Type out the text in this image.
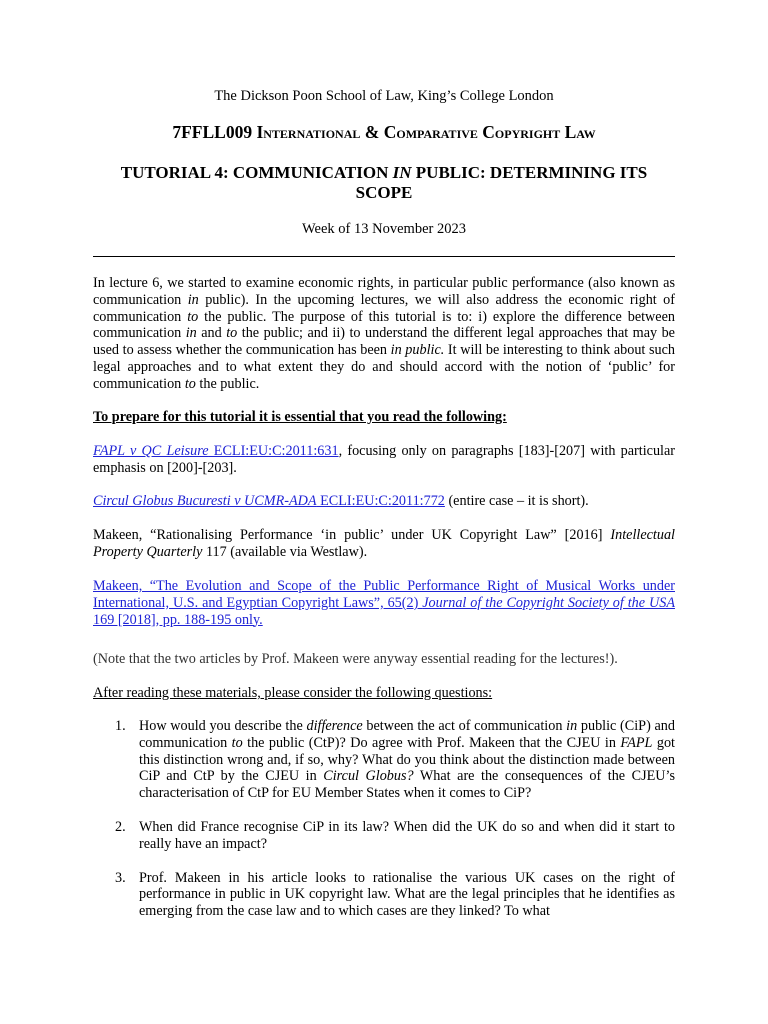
The Dickson Poon School of Law, King’s College London
7FFLL009 International & Comparative Copyright Law
TUTORIAL 4: COMMUNICATION IN PUBLIC: DETERMINING ITS SCOPE
Week of 13 November 2023

In lecture 6, we started to examine economic rights, in particular public performance (also known as communication in public). In the upcoming lectures, we will also address the economic right of communication to the public. The purpose of this tutorial is to: i) explore the difference between communication in and to the public; and ii) to understand the different legal approaches that may be used to assess whether the communication has been in public. It will be interesting to think about such legal approaches and to what extent they do and should accord with the notion of ‘public’ for communication to the public.

To prepare for this tutorial it is essential that you read the following:

FAPL v QC Leisure ECLI:EU:C:2011:631, focusing only on paragraphs [183]-[207] with particular emphasis on [200]-[203].

Circul Globus Bucuresti v UCMR-ADA ECLI:EU:C:2011:772 (entire case – it is short).

Makeen, “Rationalising Performance ‘in public’ under UK Copyright Law” [2016] Intellectual Property Quarterly 117 (available via Westlaw).

Makeen, “The Evolution and Scope of the Public Performance Right of Musical Works under International, U.S. and Egyptian Copyright Laws”, 65(2) Journal of the Copyright Society of the USA 169 [2018], pp. 188-195 only.

(Note that the two articles by Prof. Makeen were anyway essential reading for the lectures!).

After reading these materials, please consider the following questions:

1. How would you describe the difference between the act of communication in public (CiP) and communication to the public (CtP)? Do agree with Prof. Makeen that the CJEU in FAPL got this distinction wrong and, if so, why? What do you think about the distinction made between CiP and CtP by the CJEU in Circul Globus? What are the consequences of the CJEU’s characterisation of CtP for EU Member States when it comes to CiP?
2. When did France recognise CiP in its law? When did the UK do so and when did it start to really have an impact?
3. Prof. Makeen in his article looks to rationalise the various UK cases on the right of performance in public in UK copyright law. What are the legal principles that he identifies as emerging from the case law and to which cases are they linked? To what
